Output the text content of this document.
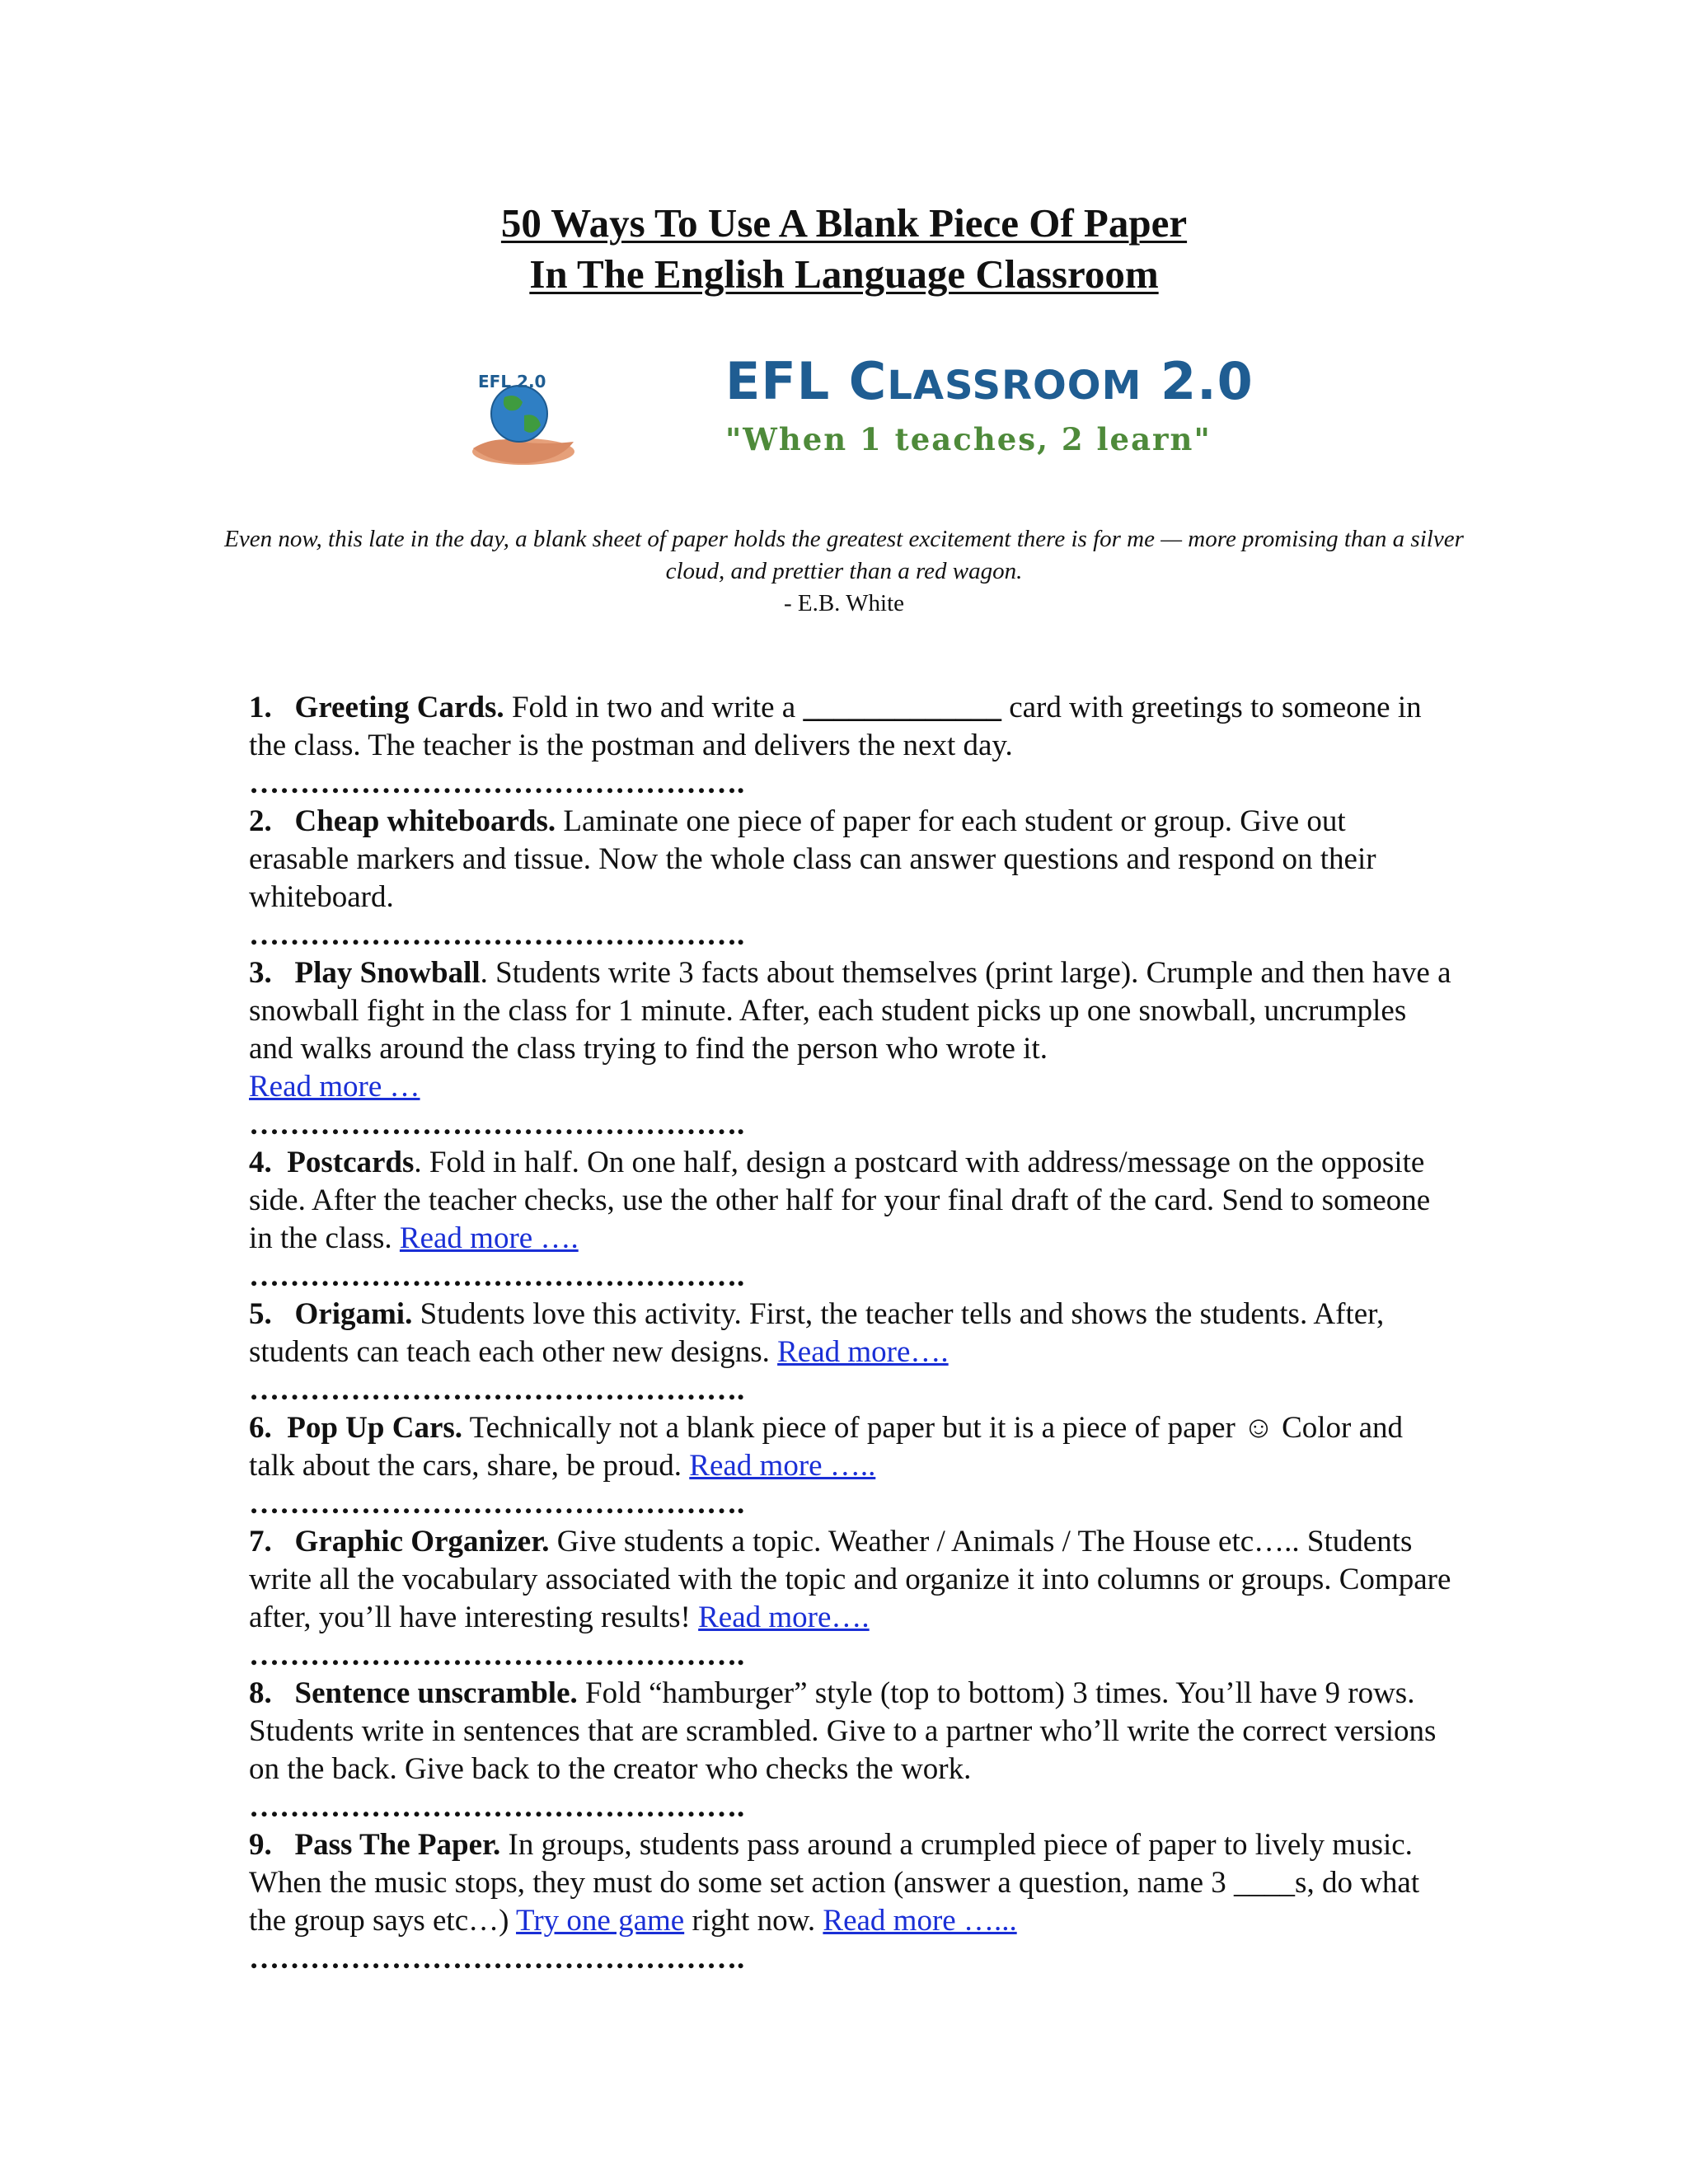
50 Ways To Use A Blank Piece Of Paper
In The English Language Classroom
EFL 2.0	EFL CLASSROOM 2.0
"When 1 teaches, 2 learn"
Even now, this late in the day, a blank sheet of paper holds the greatest excitement there is for me — more promising than a silver cloud, and prettier than a red wagon.
- E.B. White

1. Greeting Cards. Fold in two and write a _____________ card with greetings to someone in the class. The teacher is the postman and delivers the next day.

………………………………………….

2. Cheap whiteboards. Laminate one piece of paper for each student or group. Give out erasable markers and tissue. Now the whole class can answer questions and respond on their whiteboard.

………………………………………….

3. Play Snowball. Students write 3 facts about themselves (print large). Crumple and then have a snowball fight in the class for 1 minute. After, each student picks up one snowball, uncrumples and walks around the class trying to find the person who wrote it.
Read more …

………………………………………….

4. Postcards. Fold in half. On one half, design a postcard with address/message on the opposite side. After the teacher checks, use the other half for your final draft of the card. Send to someone in the class. Read more ….

………………………………………….

5. Origami. Students love this activity. First, the teacher tells and shows the students. After, students can teach each other new designs. Read more….

………………………………………….

6. Pop Up Cars. Technically not a blank piece of paper but it is a piece of paper ☺ Color and talk about the cars, share, be proud. Read more …..

………………………………………….

7. Graphic Organizer. Give students a topic. Weather / Animals / The House etc….. Students write all the vocabulary associated with the topic and organize it into columns or groups. Compare after, you’ll have interesting results! Read more….

………………………………………….

8. Sentence unscramble. Fold “hamburger” style (top to bottom) 3 times. You’ll have 9 rows. Students write in sentences that are scrambled. Give to a partner who’ll write the correct versions on the back. Give back to the creator who checks the work.

………………………………………….

9. Pass The Paper. In groups, students pass around a crumpled piece of paper to lively music. When the music stops, they must do some set action (answer a question, name 3 ____s, do what the group says etc…) Try one game right now. Read more …...

………………………………………….
